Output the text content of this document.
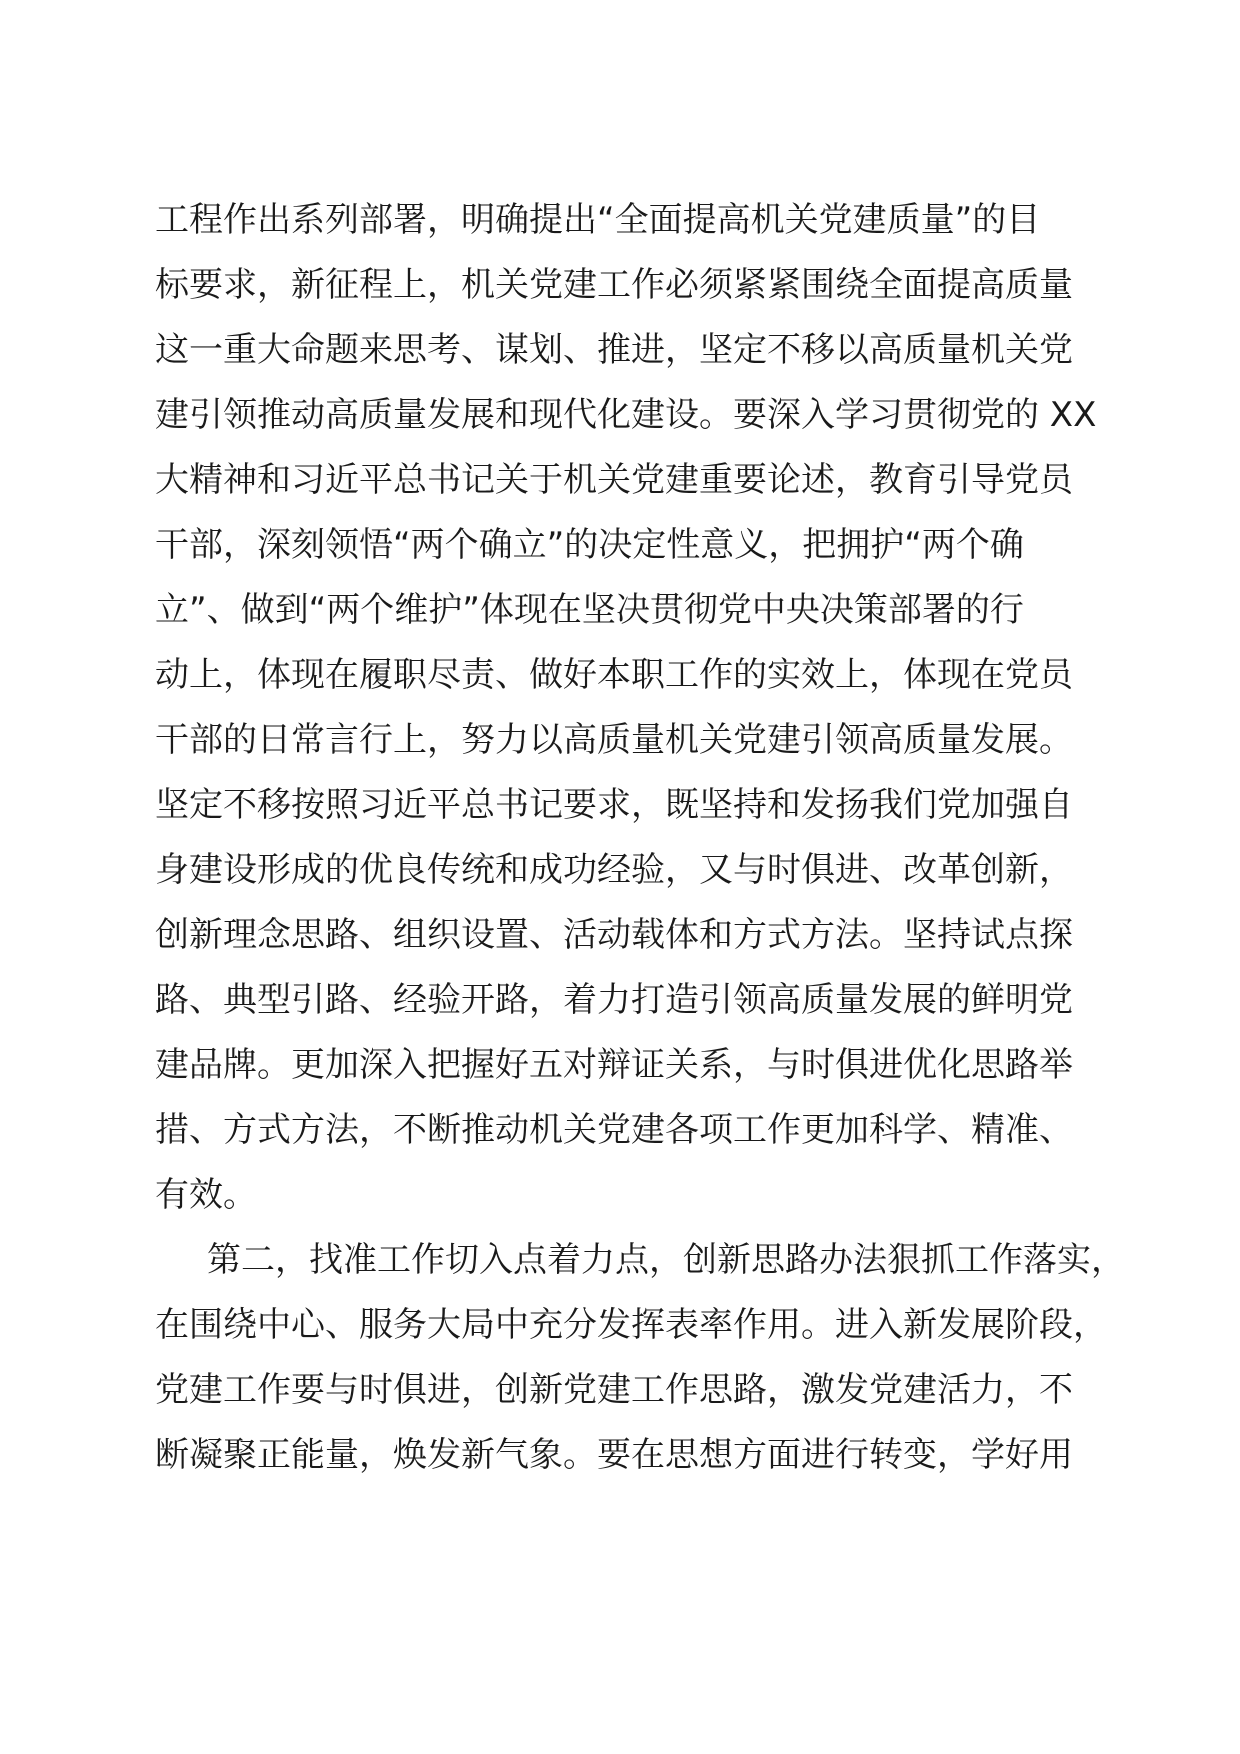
工程作出系列部署，明确提出“全面提高机关党建质量”的目
标要求，新征程上，机关党建工作必须紧紧围绕全面提高质量
这一重大命题来思考、谋划、推进，坚定不移以高质量机关党
建引领推动高质量发展和现代化建设。要深入学习贯彻党的 XX
大精神和习近平总书记关于机关党建重要论述，教育引导党员
干部，深刻领悟“两个确立”的决定性意义，把拥护“两个确
立”、做到“两个维护”体现在坚决贯彻党中央决策部署的行
动上，体现在履职尽责、做好本职工作的实效上，体现在党员
干部的日常言行上，努力以高质量机关党建引领高质量发展。
坚定不移按照习近平总书记要求，既坚持和发扬我们党加强自
身建设形成的优良传统和成功经验，又与时俱进、改革创新，
创新理念思路、组织设置、活动载体和方式方法。坚持试点探
路、典型引路、经验开路，着力打造引领高质量发展的鲜明党
建品牌。更加深入把握好五对辩证关系，与时俱进优化思路举
措、方式方法，不断推动机关党建各项工作更加科学、精准、
有效。
第二，找准工作切入点着力点，创新思路办法狠抓工作落实，
在围绕中心、服务大局中充分发挥表率作用。进入新发展阶段，
党建工作要与时俱进，创新党建工作思路，激发党建活力，不
断凝聚正能量，焕发新气象。要在思想方面进行转变，学好用
